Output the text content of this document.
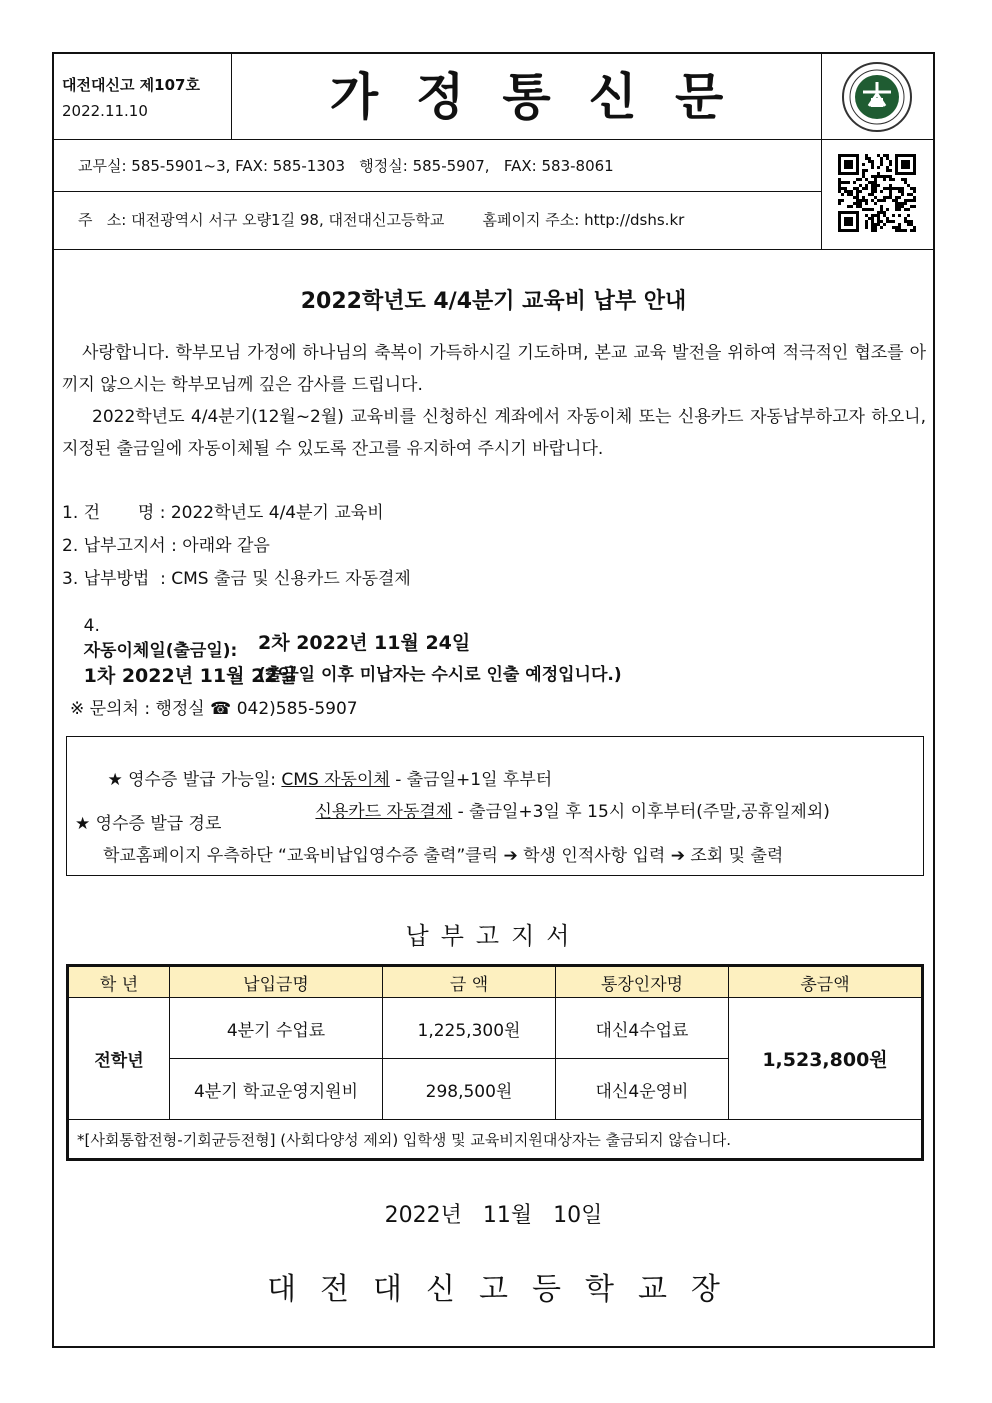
대전대신고 제107호
2022.11.10	가정통신문
교무실: 585-5901~3, FAX: 585-1303   행정실: 585-5907,   FAX: 583-8061
주   소: 대전광역시 서구 오량1길 98, 대전대신고등학교        홈페이지 주소: http://dshs.kr
2022학년도 4/4분기 교육비 납부 안내
사랑합니다. 학부모님 가정에 하나님의 축복이 가득하시길 기도하며, 본교 교육 발전을 위하여 적극적인 협조를 아끼지 않으시는 학부모님께 깊은 감사를 드립니다.
2022학년도 4/4분기(12월~2월) 교육비를 신청하신 계좌에서 자동이체 또는 신용카드 자동납부하고자 하오니, 지정된 출금일에 자동이체될 수 있도록 잔고를 유지하여 주시기 바랍니다.
1. 건       명 : 2022학년도 4/4분기 교육비
2. 납부고지서 : 아래와 같음
3. 납부방법  : CMS 출금 및 신용카드 자동결제

4.
자동이체일(출금일):
1차 2022년 11월 22일

2차 2022년 11월 24일
(출금일 이후 미납자는 수시로 인출 예정입니다.)
※ 문의처 : 행정실 ☎ 042)585-5907

★ 영수증 발급 가능일: CMS 자동이체 - 출금일+1일 후부터

신용카드 자동결제 - 출금일+3일 후 15시 이후부터(주말,공휴일제외)

★ 영수증 발급 경로
학교홈페이지 우측하단 “교육비납입영수증 출력”클릭 ➔ 학생 인적사항 입력 ➔ 조회 및 출력
납부고지서
학 년	납입금명	금 액	통장인자명	총금액
전학년	4분기 수업료	1,225,300원	대신4수업료	1,523,800원
	4분기 학교운영지원비	298,500원	대신4운영비	
*[사회통합전형-기회균등전형] (사회다양성 제외) 입학생 및 교육비지원대상자는 출금되지 않습니다.				
2022년 11월 10일
대전대신고등학교장
